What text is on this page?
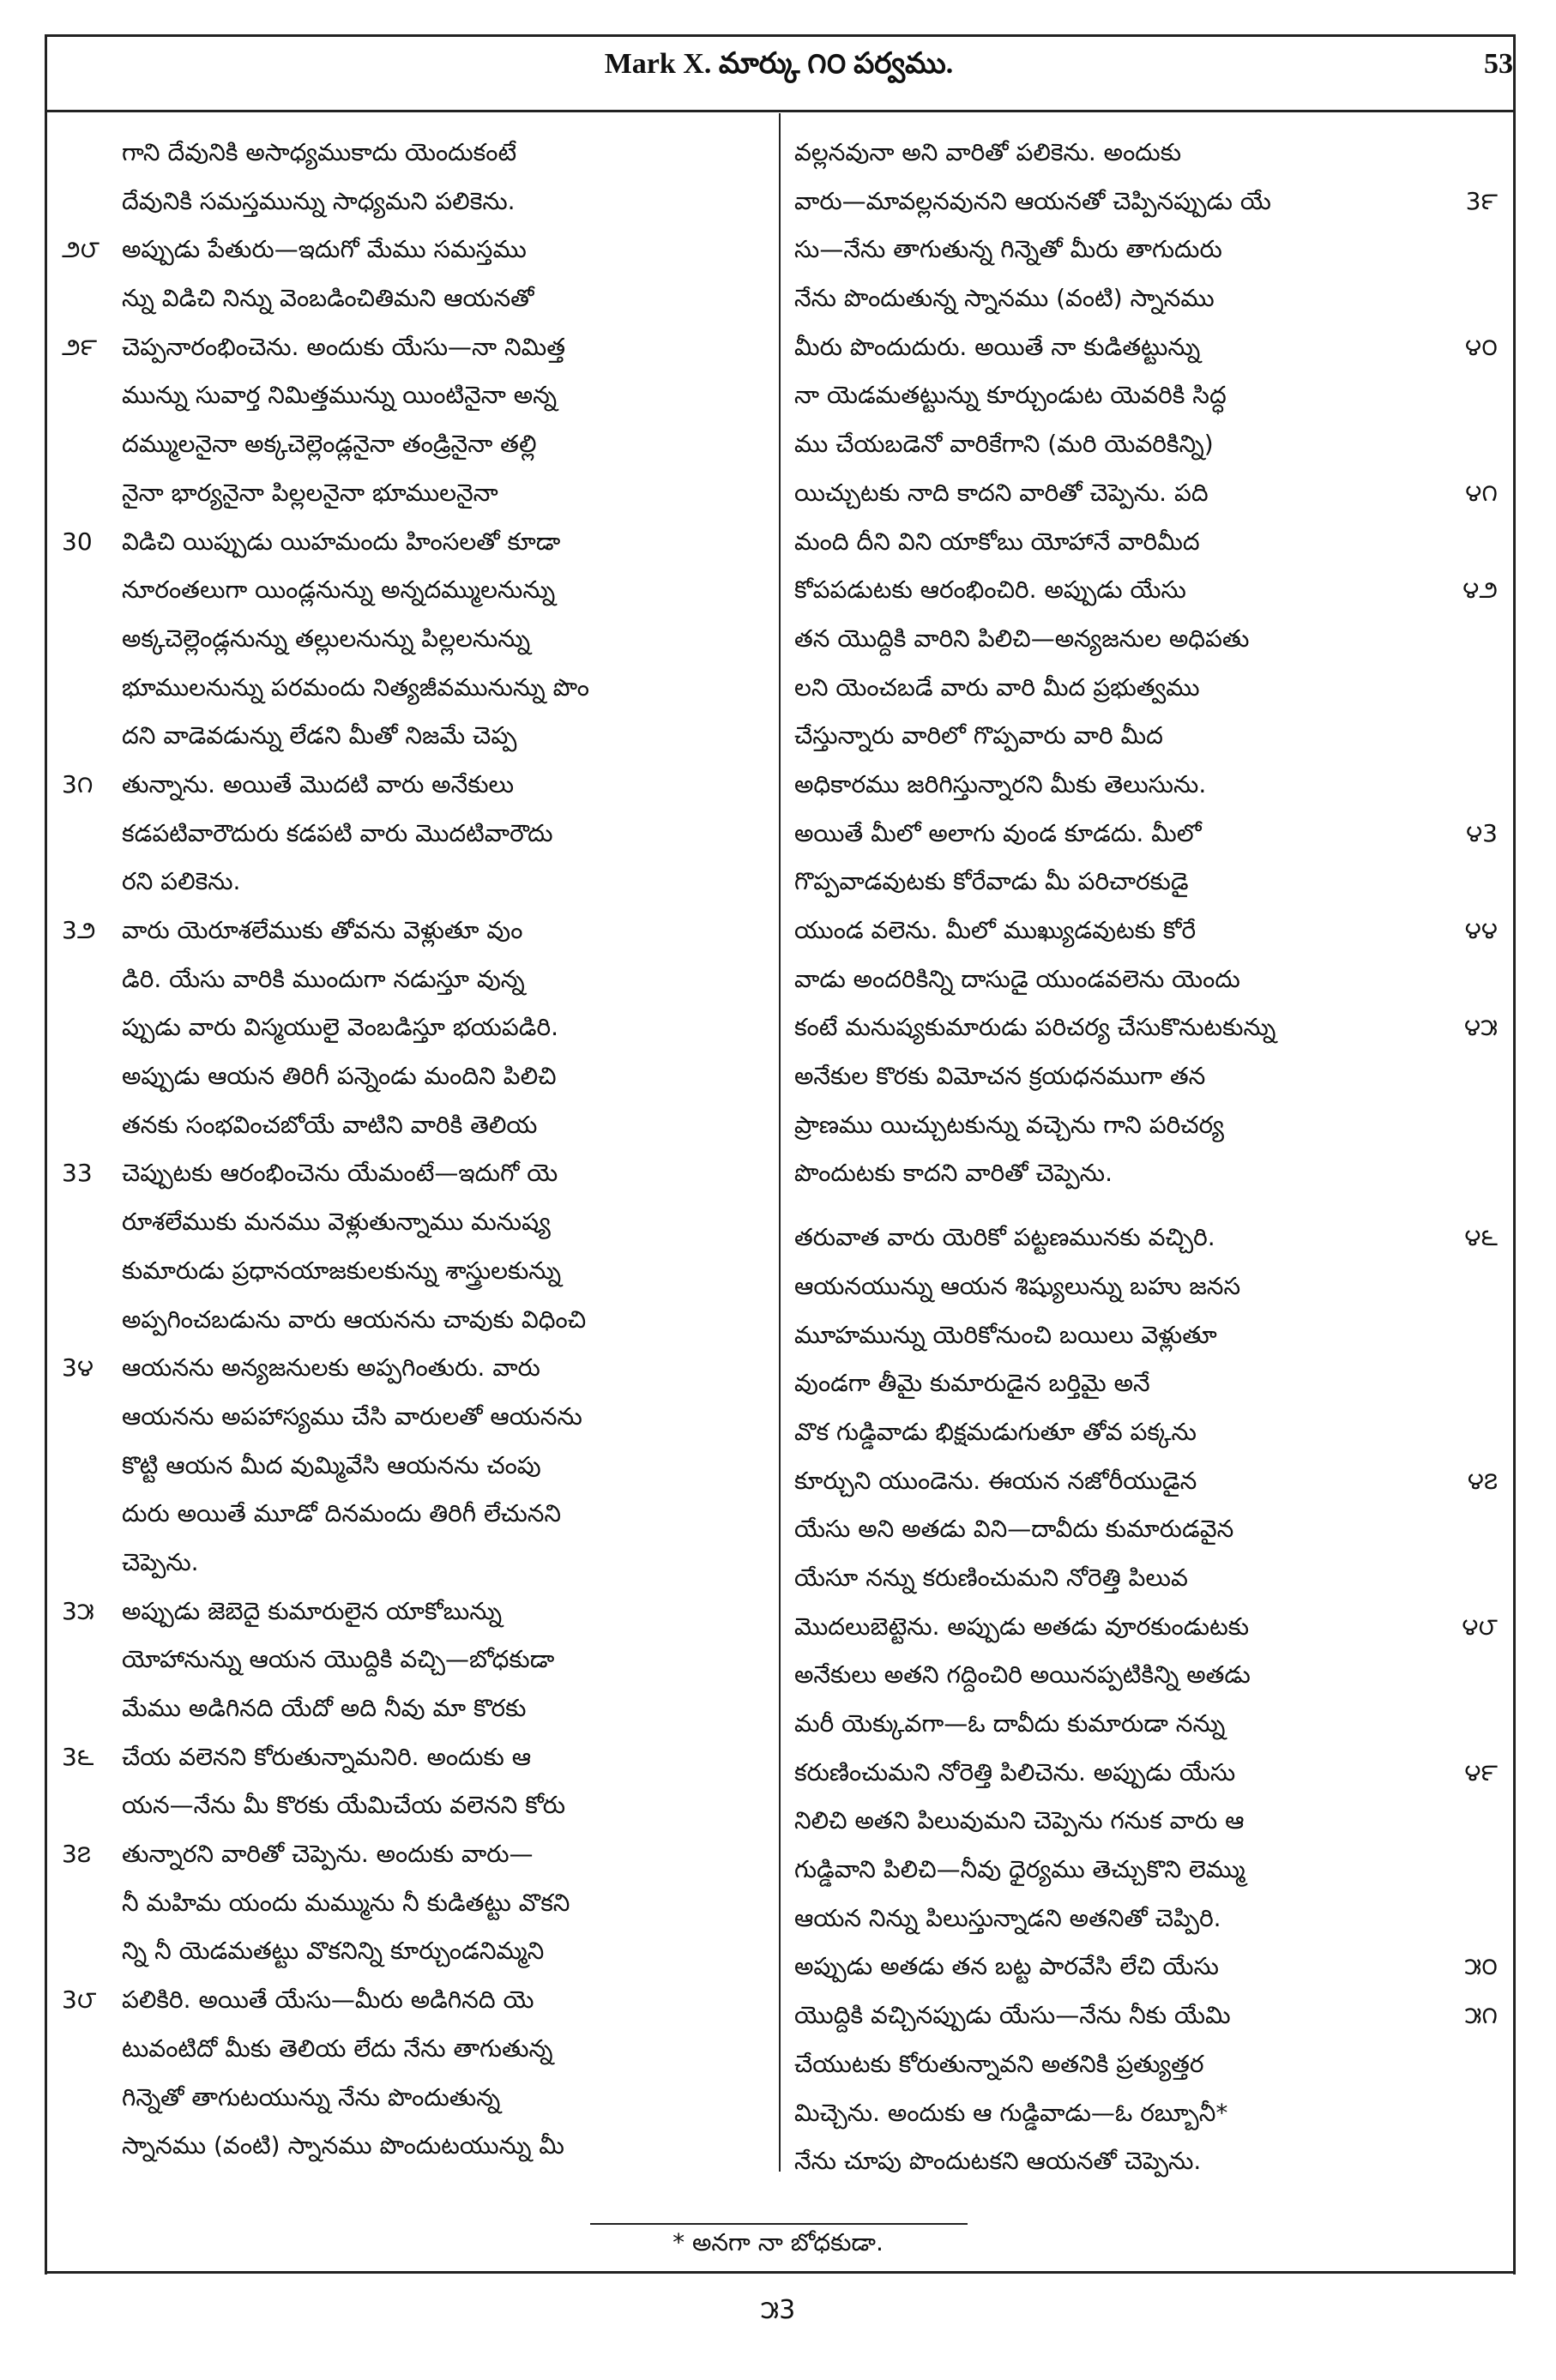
Mark X. మార్కు ౧౦ పర్వము.	53
గాని దేవునికి అసాధ్యముకాదు యెందుకంటే
దేవునికి సమస్తమున్ను సాధ్యమని పలికెను.
౨౮ అప్పుడు పేతురు—ఇదుగో మేము సమస్తము
న్ను విడిచి నిన్ను వెంబడించితిమని ఆయనతో
౨౯	చెప్పనారంభించెను. అందుకు యేసు—నా నిమిత్త
మున్ను సువార్త నిమిత్తమున్ను యింటినైనా అన్న
దమ్ములనైనా అక్కచెల్లెండ్లనైనా తండ్రినైనా తల్లి
నైనా భార్యనైనా పిల్లలనైనా భూములనైనా
30	విడిచి యిప్పుడు యిహమందు హింసలతో కూడా
నూరంతలుగా యిండ్లనున్ను అన్నదమ్ములనున్ను
అక్కచెల్లెండ్లనున్ను తల్లులనున్ను పిల్లలనున్ను
భూములనున్ను పరమందు నిత్యజీవమునున్ను పొం
దని వాడెవడున్ను లేడని మీతో నిజమే చెప్ప
3౧	తున్నాను. అయితే మొదటి వారు అనేకులు
కడపటివారౌదురు కడపటి వారు మొదటివారౌదు
రని పలికెను.
3౨	వారు యెరూశలేముకు తోవను వెళ్లుతూ వుం
డిరి. యేసు వారికి ముందుగా నడుస్తూ వున్న
ప్పుడు వారు విస్మయులై వెంబడిస్తూ భయపడిరి.
అప్పుడు ఆయన తిరిగీ పన్నెండు మందిని పిలిచి
తనకు సంభవించబోయే వాటిని వారికి తెలియ
33	చెప్పుటకు ఆరంభించెను యేమంటే—ఇదుగో యె
రూశలేముకు మనము వెళ్లుతున్నాము మనుష్య
కుమారుడు ప్రధానయాజకులకున్ను శాస్త్రులకున్ను
అప్పగించబడును వారు ఆయనను చావుకు విధించి
3౪	ఆయనను అన్యజనులకు అప్పగింతురు. వారు
ఆయనను అపహాస్యము చేసి వారులతో ఆయనను
కొట్టి ఆయన మీద వుమ్మివేసి ఆయనను చంపు
దురు అయితే మూడో దినమందు తిరిగీ లేచునని
చెప్పెను.
3౫	అప్పుడు జెబెదై కుమారులైన యాకోబున్ను
యోహానున్ను ఆయన యొద్దికి వచ్చి—బోధకుడా
మేము అడిగినది యేదో అది నీవు మా కొరకు
3౬	చేయ వలెనని కోరుతున్నామనిరి. అందుకు ఆ
యన—నేను మీ కొరకు యేమిచేయ వలెనని కోరు
3౭	తున్నారని వారితో చెప్పెను. అందుకు వారు—
నీ మహిమ యందు మమ్మును నీ కుడితట్టు వొకని
న్ని నీ యెడమతట్టు వొకనిన్ని కూర్చుండనిమ్మని
3౮	పలికిరి. అయితే యేసు—మీరు అడిగినది యె
టువంటిదో మీకు తెలియ లేదు నేను తాగుతున్న
గిన్నెతో తాగుటయున్ను నేను పొందుతున్న
స్నానము (వంటి) స్నానము పొందుటయున్ను మీ
వల్లనవునా అని వారితో పలికెను. అందుకు
3౯
వారు—మావల్లనవునని ఆయనతో చెప్పినప్పుడు యే
సు—నేను తాగుతున్న గిన్నెతో మీరు తాగుదురు
నేను పొందుతున్న స్నానము (వంటి) స్నానము
౪౦
మీరు పొందుదురు. అయితే నా కుడితట్టున్ను
నా యెడమతట్టున్ను కూర్చుండుట యెవరికి సిద్ధ
ము చేయబడెనో వారికేగాని (మరి యెవరికిన్ని)
౪౧
యిచ్చుటకు నాది కాదని వారితో చెప్పెను. పది
మంది దీని విని యాకోబు యోహానే వారిమీద
౪౨
కోపపడుటకు ఆరంభించిరి. అప్పుడు యేసు
తన యొద్దికి వారిని పిలిచి—అన్యజనుల అధిపతు
లని యెంచబడే వారు వారి మీద ప్రభుత్వము
చేస్తున్నారు వారిలో గొప్పవారు వారి మీద
అధికారము జరిగిస్తున్నారని మీకు తెలుసును.
౪3
అయితే మీలో అలాగు వుండ కూడదు. మీలో
గొప్పవాడవుటకు కోరేవాడు మీ పరిచారకుడై
౪౪
యుండ వలెను. మీలో ముఖ్యుడవుటకు కోరే
వాడు అందరికిన్ని దాసుడై యుండవలెను యెందు
౪౫
కంటే మనుష్యకుమారుడు పరిచర్య చేసుకొనుటకున్ను
అనేకుల కొరకు విమోచన క్రయధనముగా తన
ప్రాణము యిచ్చుటకున్ను వచ్చెను గాని పరిచర్య
పొందుటకు కాదని వారితో చెప్పెను.
౪౬
తరువాత వారు యెరికో పట్టణమునకు వచ్చిరి.
ఆయనయున్ను ఆయన శిష్యులున్ను బహు జనస
మూహమున్ను యెరికోనుంచి బయిలు వెళ్లుతూ
వుండగా తీమై కుమారుడైన బర్తిమై అనే
వొక గుడ్డివాడు భిక్షమడుగుతూ తోవ పక్కను
౪౭
కూర్చుని యుండెను. ఈయన నజోరీయుడైన
యేసు అని అతడు విని—దావీదు కుమారుడవైన
యేసూ నన్ను కరుణించుమని నోరెత్తి పిలువ
౪౮
మొదలుబెట్టెను. అప్పుడు అతడు వూరకుండుటకు
అనేకులు అతని గద్దించిరి అయినప్పటికిన్ని అతడు
మరీ యెక్కువగా—ఓ దావీదు కుమారుడా నన్ను
౪౯
కరుణించుమని నోరెత్తి పిలిచెను. అప్పుడు యేసు
నిలిచి అతని పిలువుమని చెప్పెను గనుక వారు ఆ
గుడ్డివాని పిలిచి—నీవు ధైర్యము తెచ్చుకొని లెమ్ము
ఆయన నిన్ను పిలుస్తున్నాడని అతనితో చెప్పిరి.
౫౦
అప్పుడు అతడు తన బట్ట పారవేసి లేచి యేసు
౫౧
యొద్దికి వచ్చినప్పుడు యేసు—నేను నీకు యేమి
చేయుటకు కోరుతున్నావని అతనికి ప్రత్యుత్తర
మిచ్చెను. అందుకు ఆ గుడ్డివాడు—ఓ రబ్బూనీ*
నేను చూపు పొందుటకని ఆయనతో చెప్పెను.
* అనగా నా బోధకుడా.
౫3
